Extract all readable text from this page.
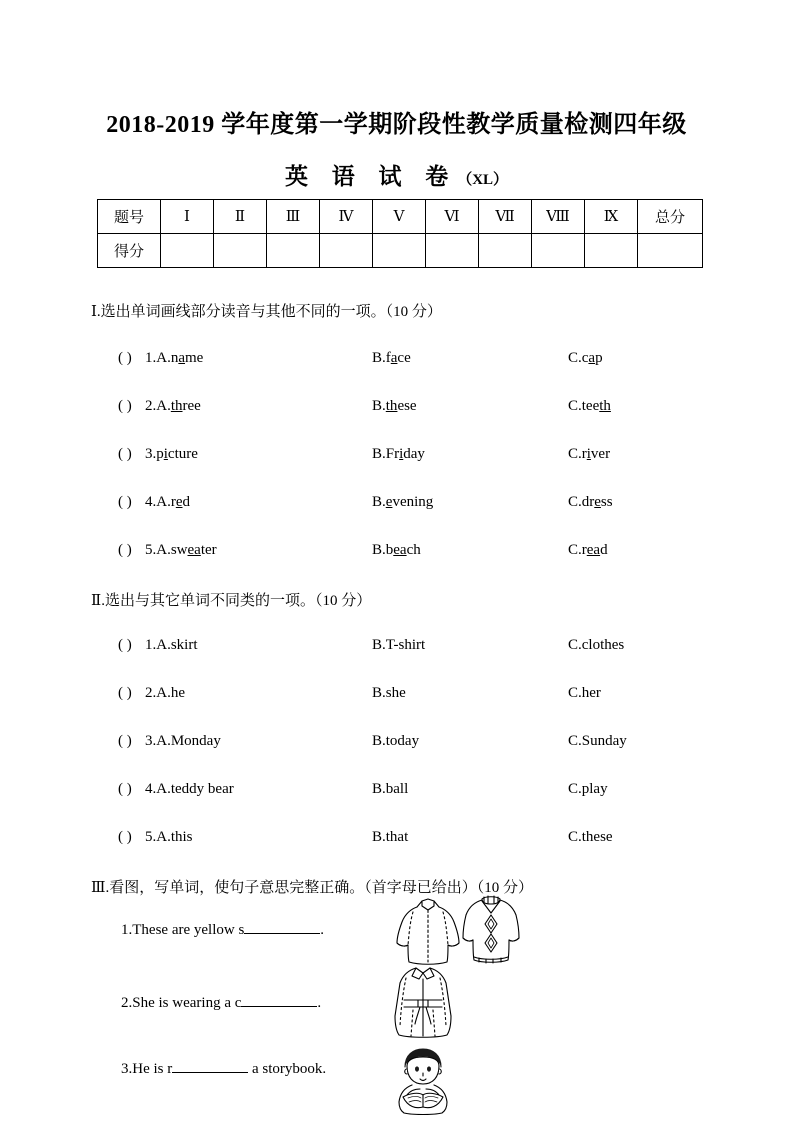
2018-2019 学年度第一学期阶段性教学质量检测四年级
英 语 试 卷（XL）
题号	Ⅰ	Ⅱ	Ⅲ	Ⅳ	Ⅴ	Ⅵ	Ⅶ	Ⅷ	Ⅸ	总分
得分										
Ⅰ.选出单词画线部分读音与其他不同的一项。（10 分）
( ) 1.A.name	B.face	C.cap
( ) 2.A.three	B.these	C.teeth
( ) 3.picture	B.Friday	C.river
( ) 4.A.red	B.evening	C.dress
( ) 5.A.sweater	B.beach	C.read
Ⅱ.选出与其它单词不同类的一项。（10 分）
( ) 1.A.skirt	B.T-shirt	C.clothes
( ) 2.A.he	B.she	C.her
( ) 3.A.Monday	B.today	C.Sunday
( ) 4.A.teddy bear	B.ball	C.play
( ) 5.A.this	B.that	C.these
Ⅲ.看图，写单词，使句子意思完整正确。（首字母已给出）（10 分）
1.These are yellow s	.
2.She is wearing a c	.
3.He is r	a storybook.
